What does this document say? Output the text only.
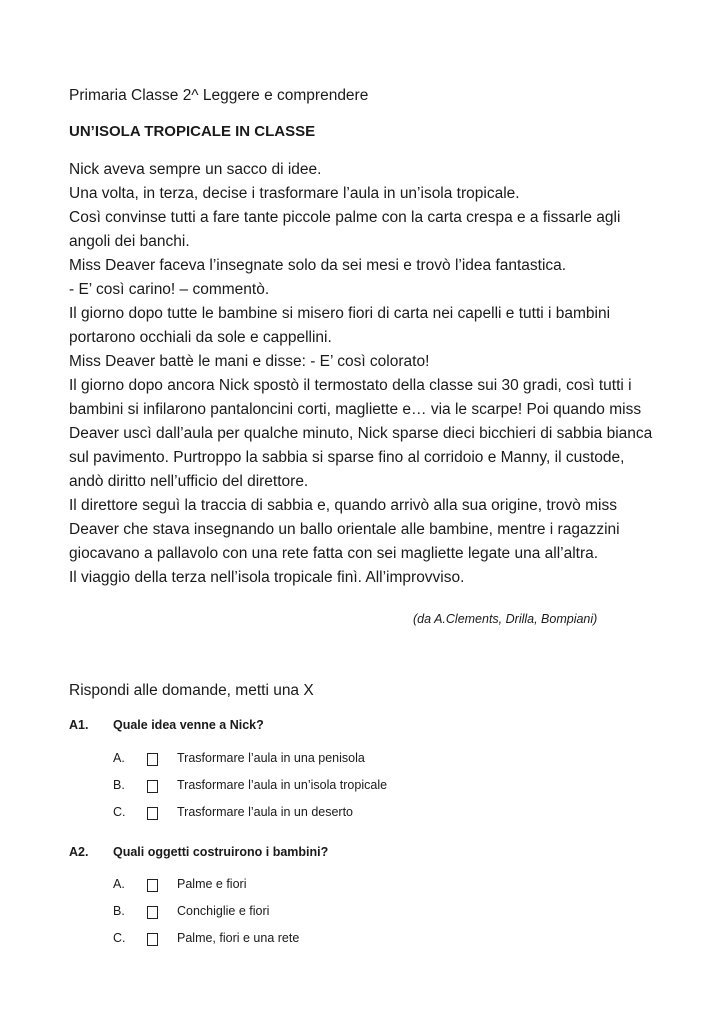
Primaria Classe 2^ Leggere e comprendere
UN’ISOLA TROPICALE IN CLASSE

Nick aveva sempre un sacco di idee.

Una volta, in terza, decise i trasformare l’aula in un’isola tropicale.

Così convinse tutti a fare tante piccole palme con la carta crespa e a fissarle agli

angoli dei banchi.

Miss Deaver faceva l’insegnate solo da sei mesi e trovò l’idea fantastica.

- E’ così carino! – commentò.

Il giorno dopo tutte le bambine si misero fiori di carta nei capelli e tutti i bambini

portarono occhiali da sole e cappellini.

Miss Deaver battè le mani e disse: - E’ così colorato!

Il giorno dopo ancora Nick spostò il termostato della classe sui 30 gradi, così tutti i

bambini si infilarono pantaloncini corti, magliette e… via le scarpe! Poi quando miss

Deaver uscì dall’aula per qualche minuto, Nick sparse dieci bicchieri di sabbia bianca

sul pavimento. Purtroppo la sabbia si sparse fino al corridoio e Manny, il custode,

andò diritto nell’ufficio del direttore.

Il direttore seguì la traccia di sabbia e, quando arrivò alla sua origine, trovò miss

Deaver che stava insegnando un ballo orientale alle bambine, mentre i ragazzini

giocavano a pallavolo con una rete fatta con sei magliette legate una all’altra.

Il viaggio della terza nell’isola tropicale finì. All’improvviso.

(da A.Clements, Drilla, Bompiani)
Rispondi alle domande, metti una X
A1. Quale idea venne a Nick?
A.	Trasformare l’aula in una penisola
B.	Trasformare l’aula in un’isola tropicale
C.	Trasformare l’aula in un deserto
A2. Quali oggetti costruirono i bambini?
A.	Palme e fiori
B.	Conchiglie e fiori
C.	Palme, fiori e una rete
